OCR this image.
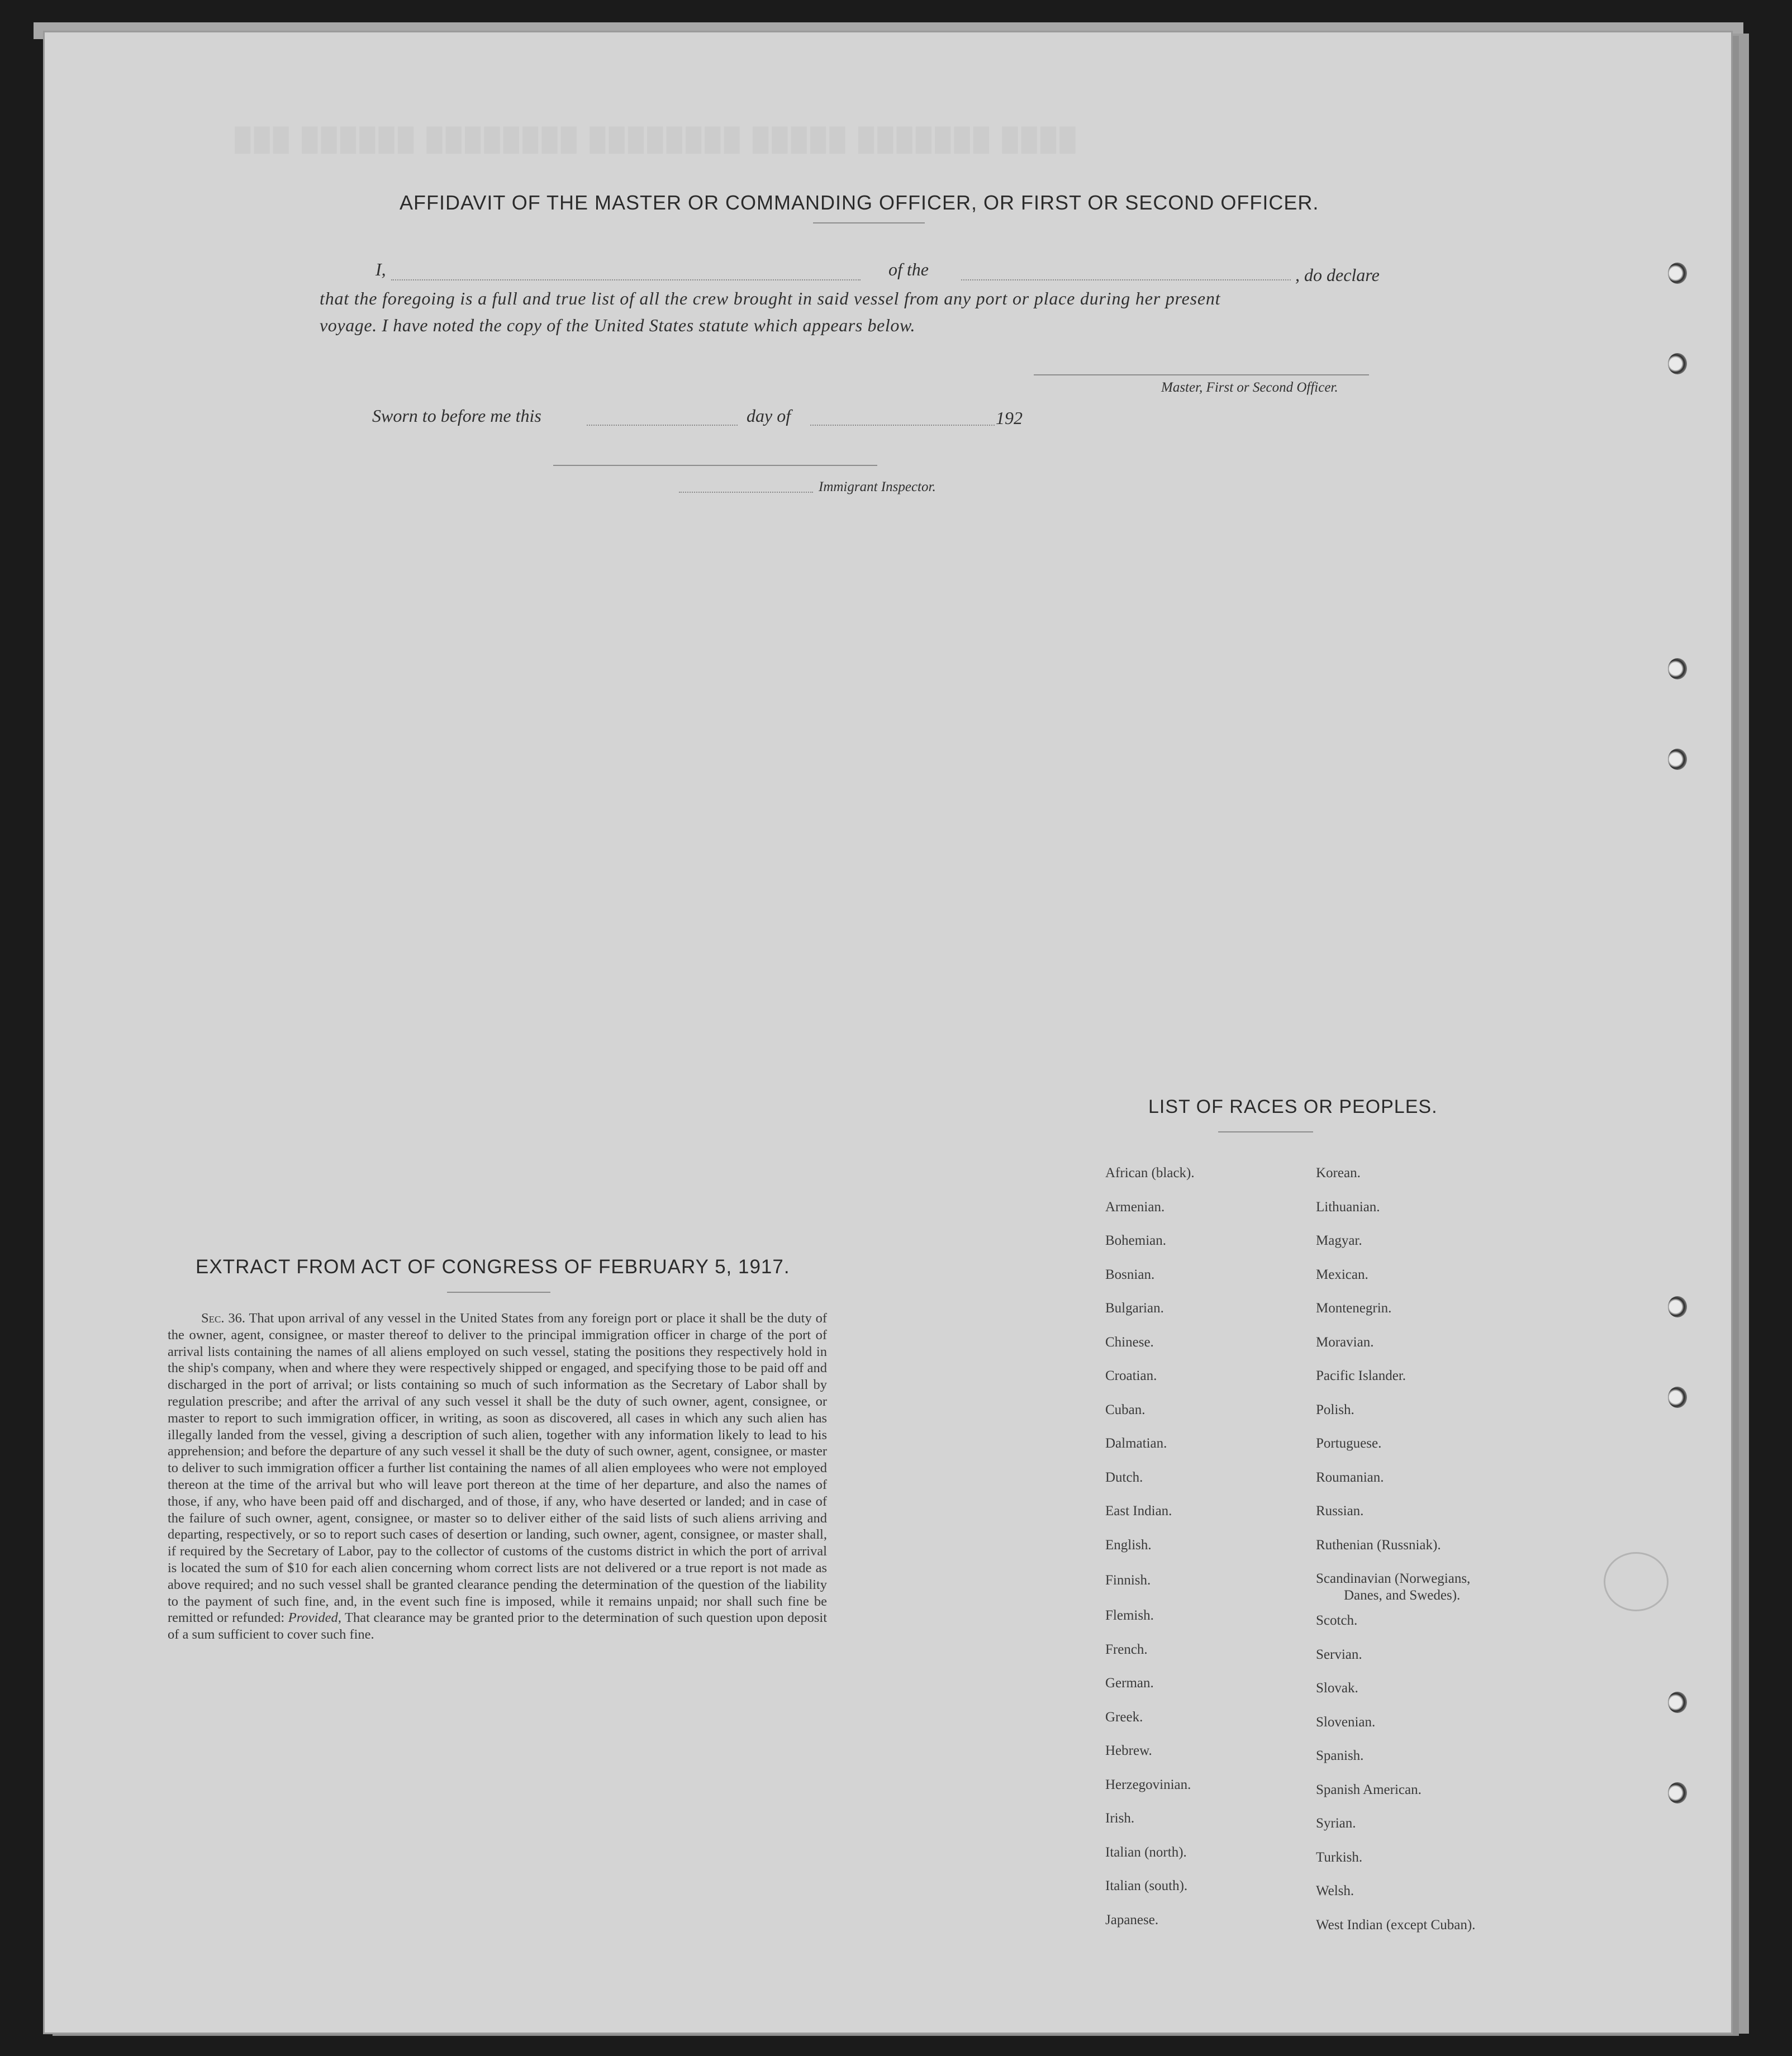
███ ██████ ████████ ████████ █████ ███████ ████
AFFIDAVIT OF THE MASTER OR COMMANDING OFFICER, OR FIRST OR SECOND OFFICER.
I,	of the	, do declare
that the foregoing is a full and true list of all the crew brought in said vessel from any port or place during her present
voyage. I have noted the copy of the United States statute which appears below.
Master, First or Second Officer.
Sworn to before me this	day of	192
Immigrant Inspector.
EXTRACT FROM ACT OF CONGRESS OF FEBRUARY 5, 1917.
Sec. 36. That upon arrival of any vessel in the United States from any foreign port or place it shall be the duty of the owner, agent, consignee, or master thereof to deliver to the principal immigration officer in charge of the port of arrival lists containing the names of all aliens employed on such vessel, stating the positions they respectively hold in the ship's company, when and where they were respectively shipped or engaged, and specifying those to be paid off and discharged in the port of arrival; or lists containing so much of such information as the Secretary of Labor shall by regulation prescribe; and after the arrival of any such vessel it shall be the duty of such owner, agent, consignee, or master to report to such immigration officer, in writing, as soon as discovered, all cases in which any such alien has illegally landed from the vessel, giving a description of such alien, together with any information likely to lead to his apprehension; and before the departure of any such vessel it shall be the duty of such owner, agent, consignee, or master to deliver to such immigration officer a further list containing the names of all alien employees who were not employed thereon at the time of the arrival but who will leave port thereon at the time of her departure, and also the names of those, if any, who have been paid off and discharged, and of those, if any, who have deserted or landed; and in case of the failure of such owner, agent, consignee, or master so to deliver either of the said lists of such aliens arriving and departing, respectively, or so to report such cases of desertion or landing, such owner, agent, consignee, or master shall, if required by the Secretary of Labor, pay to the collector of customs of the customs district in which the port of arrival is located the sum of $10 for each alien concerning whom correct lists are not delivered or a true report is not made as above required; and no such vessel shall be granted clearance pending the determination of the question of the liability to the payment of such fine, and, in the event such fine is imposed, while it remains unpaid; nor shall such fine be remitted or refunded: Provided, That clearance may be granted prior to the determination of such question upon deposit of a sum sufficient to cover such fine.
LIST OF RACES OR PEOPLES.
African (black).
Armenian.
Bohemian.
Bosnian.
Bulgarian.
Chinese.
Croatian.
Cuban.
Dalmatian.
Dutch.
East Indian.
English.
Finnish.
Flemish.
French.
German.
Greek.
Hebrew.
Herzegovinian.
Irish.
Italian (north).
Italian (south).
Japanese.
Korean.
Lithuanian.
Magyar.
Mexican.
Montenegrin.
Moravian.
Pacific Islander.
Polish.
Portuguese.
Roumanian.
Russian.
Ruthenian (Russniak).
Scandinavian (Norwegians,
Danes, and Swedes).
Scotch.
Servian.
Slovak.
Slovenian.
Spanish.
Spanish American.
Syrian.
Turkish.
Welsh.
West Indian (except Cuban).
